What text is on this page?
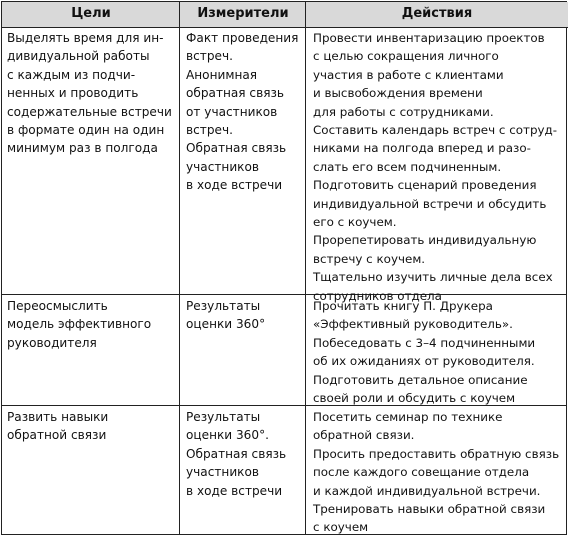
Цели	Измерители	Действия
Выделять время для ин-
дивидуальной работы
с каждым из подчи-
ненных и проводить
содержательные встречи
в формате один на один
минимум раз в полгода
Факт проведения
встреч.
Анонимная
обратная связь
от участников
встреч.
Обратная связь
участников
в ходе встречи
Провести инвентаризацию проектов
с целью сокращения личного
участия в работе с клиентами
и высвобождения времени
для работы с сотрудниками.
Составить календарь встреч с сотруд-
никами на полгода вперед и разо-
слать его всем подчиненным.
Подготовить сценарий проведения
индивидуальной встречи и обсудить
его с коучем.
Прорепетировать индивидуальную
встречу с коучем.
Тщательно изучить личные дела всех
сотрудников отдела
Переосмыслить
модель эффективного
руководителя
Результаты
оценки 360°
Прочитать книгу П. Друкера
«Эффективный руководитель».
Побеседовать с 3–4 подчиненными
об их ожиданиях от руководителя.
Подготовить детальное описание
своей роли и обсудить с коучем
Развить навыки
обратной связи
Результаты
оценки 360°.
Обратная связь
участников
в ходе встречи
Посетить семинар по технике
обратной связи.
Просить предоставить обратную связь
после каждого совещание отдела
и каждой индивидуальной встречи.
Тренировать навыки обратной связи
с коучем
